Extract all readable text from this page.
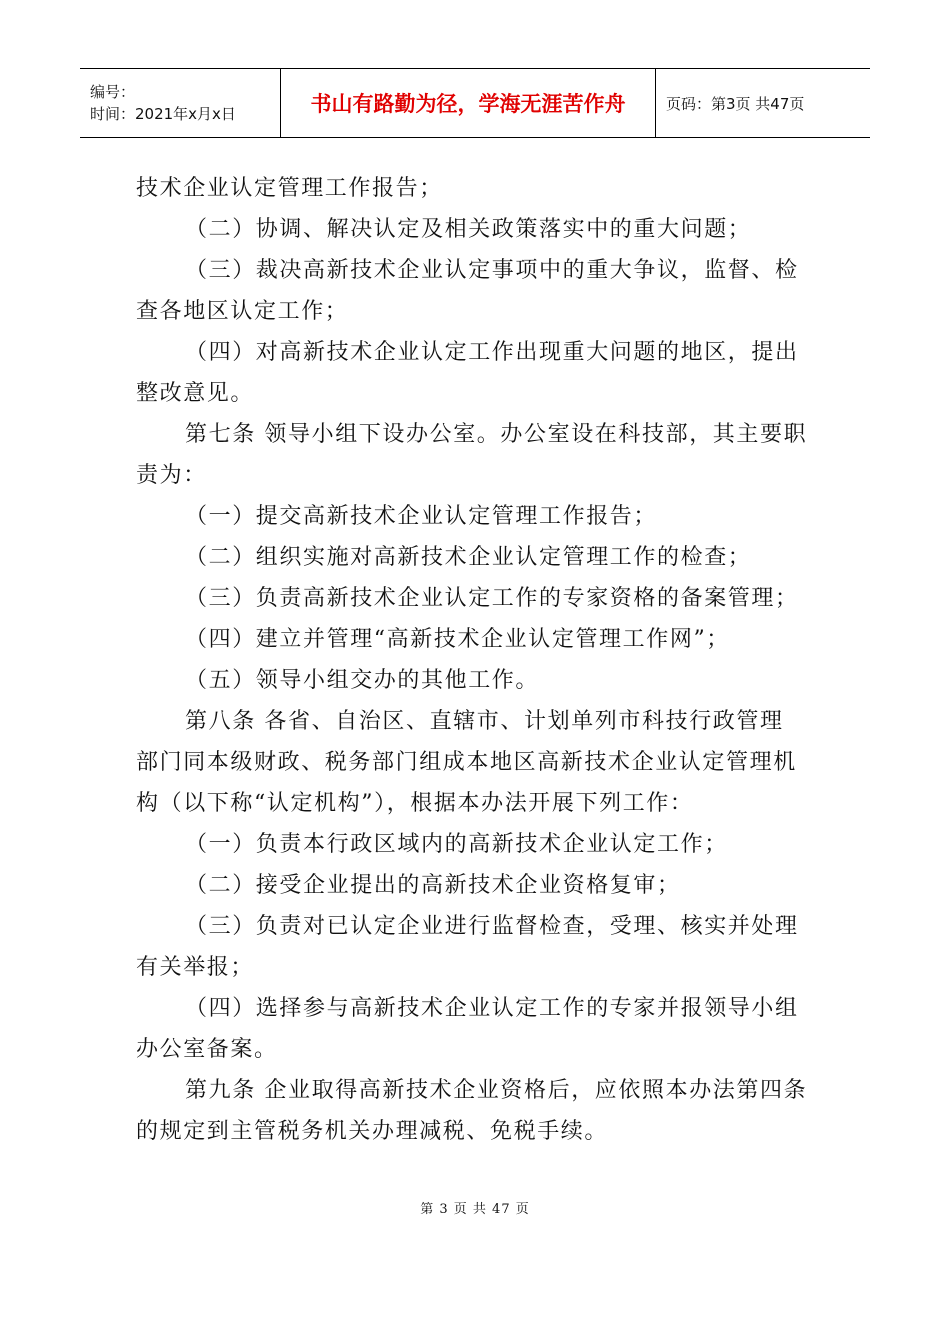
编号：
时间：2021年x月x日	书山有路勤为径，学海无涯苦作舟	页码：第3页 共47页
技术企业认定管理工作报告；
（二）协调、解决认定及相关政策落实中的重大问题；
（三）裁决高新技术企业认定事项中的重大争议，监督、检
查各地区认定工作；
（四）对高新技术企业认定工作出现重大问题的地区，提出
整改意见。
第七条 领导小组下设办公室。办公室设在科技部，其主要职
责为：
（一）提交高新技术企业认定管理工作报告；
（二）组织实施对高新技术企业认定管理工作的检查；
（三）负责高新技术企业认定工作的专家资格的备案管理；
（四）建立并管理“高新技术企业认定管理工作网”；
（五）领导小组交办的其他工作。
第八条 各省、自治区、直辖市、计划单列市科技行政管理
部门同本级财政、税务部门组成本地区高新技术企业认定管理机
构（以下称“认定机构”），根据本办法开展下列工作：
（一）负责本行政区域内的高新技术企业认定工作；
（二）接受企业提出的高新技术企业资格复审；
（三）负责对已认定企业进行监督检查，受理、核实并处理
有关举报；
（四）选择参与高新技术企业认定工作的专家并报领导小组
办公室备案。
第九条 企业取得高新技术企业资格后，应依照本办法第四条
的规定到主管税务机关办理减税、免税手续。
第 3 页 共 47 页
